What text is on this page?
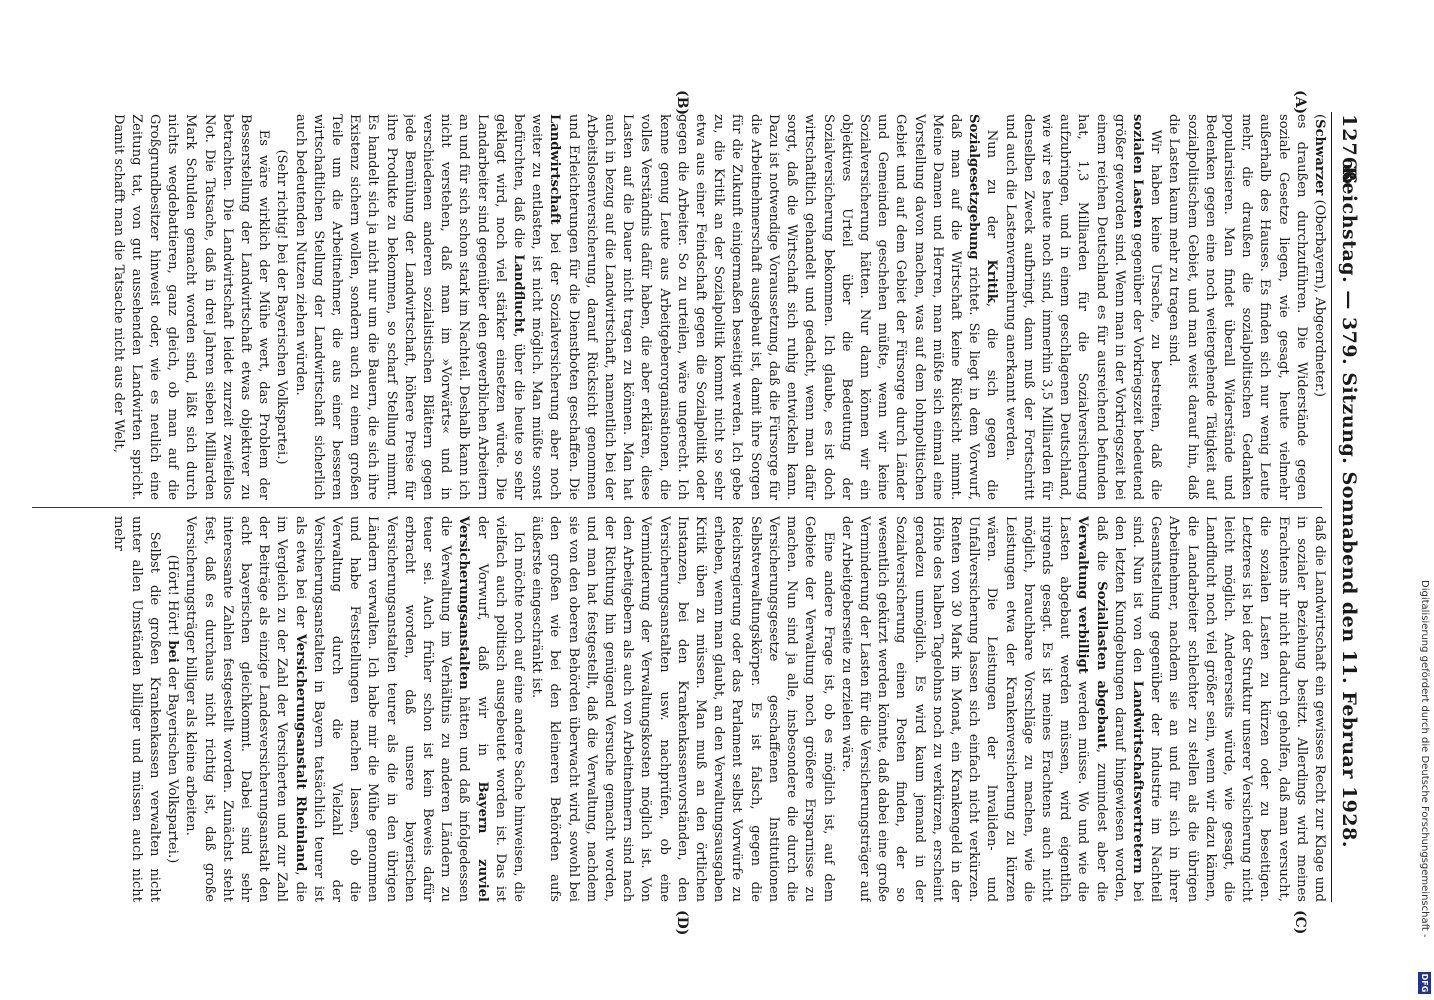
12766
Reichstag. — 379. Sitzung. Sonnabend den 11. Februar 1928.
(A)
(B)
(C)
(D)

(Schwarzer (Oberbayern), Abgeordneter.)

es draußen durchzuführen. Die Widerstände gegen soziale Gesetze liegen, wie gesagt, heute vielmehr außerhalb des Hauses. Es finden sich nur wenig Leute mehr, die draußen die sozialpolitischen Gedanken popularisieren. Man findet überall Widerstände und Bedenken gegen eine noch weitergehende Tätigkeit auf sozialpolitischem Gebiet, und man weist darauf hin, daß die Lasten kaum mehr zu tragen sind.

Wir haben keine Ursache, zu bestreiten, daß die sozialen Lasten gegenüber der Vorkriegszeit bedeutend größer geworden sind. Wenn man in der Vorkriegszeit bei einem reichen Deutschland es für ausreichend befunden hat, 1,3 Milliarden für die Sozialversicherung aufzubringen, und in einem geschlagenen Deutschland, wie wir es heute noch sind, immerhin 3,5 Milliarden für denselben Zweck aufbringt, dann muß der Fortschritt und auch die Lastenvermehrung anerkannt werden.

Nun zu der Kritik, die sich gegen die Sozialgesetzgebung richtet. Sie liegt in dem Vorwurf, daß man auf die Wirtschaft keine Rücksicht nimmt. Meine Damen und Herren, man müßte sich einmal eine Vorstellung davon machen, was auf dem lohnpolitischen Gebiet und auf dem Gebiet der Fürsorge durch Länder und Gemeinden geschehen müßte, wenn wir keine Sozialversicherung hätten. Nur dann können wir ein objektives Urteil über die Bedeutung der Sozialversicherung bekommen. Ich glaube, es ist doch wirtschaftlich gehandelt und gedacht, wenn man dafür sorgt, daß die Wirtschaft sich ruhig entwickeln kann. Dazu ist notwendige Voraussetzung, daß die Fürsorge für die Arbeitnehmerschaft ausgebaut ist, damit ihre Sorgen für die Zukunft einigermaßen beseitigt werden. Ich gebe zu, die Kritik an der Sozialpolitik kommt nicht so sehr etwa aus einer Feindschaft gegen die Sozialpolitik oder gegen die Arbeiter. So zu urteilen, wäre ungerecht. Ich kenne genug Leute aus Arbeitgeberorganisationen, die volles Verständnis dafür haben, die aber erklären, diese Lasten auf die Dauer nicht tragen zu können. Man hat auch in bezug auf die Landwirtschaft, namentlich bei der Arbeitslosenversicherung, darauf Rücksicht genommen und Erleichterungen für die Dienstboten geschaffen. Die Landwirtschaft bei der Sozialversicherung aber noch weiter zu entlasten, ist nicht möglich. Man müßte sonst befürchten, daß die Landflucht, über die heute so sehr geklagt wird, noch viel stärker einsetzen würde. Die Landarbeiter sind gegenüber den gewerblichen Arbeitern an und für sich schon stark im Nachteil. Deshalb kann ich nicht verstehen, daß man im »Vorwärts« und in verschiedenen anderen sozialistischen Blättern gegen jede Bemühung der Landwirtschaft, höhere Preise für ihre Produkte zu bekommen, so scharf Stellung nimmt. Es handelt sich ja nicht nur um die Bauern, die sich ihre Existenz sichern wollen, sondern auch zu einem großen Teile um die Arbeitnehmer, die aus einer besseren wirtschaftlichen Stellung der Landwirtschaft sicherlich auch bedeutenden Nutzen ziehen würden.

(Sehr richtig! bei der Bayerischen Volkspartei.)

Es wäre wirklich der Mühe wert, das Problem der Besserstellung der Landwirtschaft etwas objektiver zu betrachten. Die Landwirtschaft leidet zurzeit zweifellos Not. Die Tatsache, daß in drei Jahren sieben Milliarden Mark Schulden gemacht worden sind, läßt sich durch nichts wegdebattieren, ganz gleich, ob man auf die Großgrundbesitzer hinweist oder, wie es neulich eine Zeitung tat, von gut aussehenden Landwirten spricht. Damit schafft man die Tatsache nicht aus der Welt,

daß die Landwirtschaft ein gewisses Recht zur Klage und in sozialer Beziehung besitzt. Allerdings wird meines Erachtens ihr nicht dadurch geholfen, daß man versucht, die sozialen Lasten zu kürzen oder zu beseitigen. Letzteres ist bei der Struktur unserer Versicherung nicht leicht möglich. Andererseits würde, wie gesagt, die Landflucht noch viel größer sein, wenn wir dazu kämen, die Landarbeiter schlechter zu stellen als die übrigen Arbeitnehmer, nachdem sie an und für sich in ihrer Gesamtstellung gegenüber der Industrie im Nachteil sind. Nun ist von den Landwirtschaftsvertretern bei den letzten Kundgebungen darauf hingewiesen worden, daß die Soziallasten abgebaut, zumindest aber die Verwaltung verbilligt werden müsse. Wo und wie die Lasten abgebaut werden müssen, wird eigentlich nirgends gesagt. Es ist meines Erachtens auch nicht möglich, brauchbare Vorschläge zu machen, wie die Leistungen etwa der Krankenversicherung zu kürzen wären. Die Leistungen der Invaliden- und Unfallversicherung lassen sich einfach nicht verkürzen. Renten von 30 Mark im Monat, ein Krankengeld in der Höhe des halben Tagelohns noch zu verkürzen, erscheint geradezu unmöglich. Es wird kaum jemand in der Sozialversicherung einen Posten finden, der so wesentlich gekürzt werden könnte, daß dabei eine große Verminderung der Lasten für die Versicherungsträger auf der Arbeitgeberseite zu erzielen wäre.

Eine andere Frage ist, ob es möglich ist, auf dem Gebiete der Verwaltung noch größere Ersparnisse zu machen. Nun sind ja alle, insbesondere die durch die Versicherungsgesetze geschaffenen Institutionen Selbstverwaltungskörper. Es ist falsch, gegen die Reichsregierung oder das Parlament selbst Vorwürfe zu erheben, wenn man glaubt, an den Verwaltungsausgaben Kritik üben zu müssen. Man muß an den örtlichen Instanzen, bei den Krankenkassenvorständen, den Versicherungsanstalten usw. nachprüfen, ob eine Verminderung der Verwaltungskosten möglich ist. Von den Arbeitgebern als auch von Arbeitnehmern sind nach der Richtung hin genügend Versuche gemacht worden, und man hat festgestellt, daß die Verwaltung, nachdem sie von den oberen Behörden überwacht wird, sowohl bei den großen wie bei den kleineren Behörden aufs äußerste eingeschränkt ist.

Ich möchte noch auf eine andere Sache hinweisen, die vielfach auch politisch ausgebeutet worden ist. Das ist der Vorwurf, daß wir in Bayern zuviel Versicherungsanstalten hätten und daß infolgedessen die Verwaltung im Verhältnis zu anderen Ländern zu teuer sei. Auch früher schon ist kein Beweis dafür erbracht worden, daß unsere bayerischen Versicherungsanstalten teurer als die in den übrigen Ländern verwalten. Ich habe mir die Mühe genommen und habe Feststellungen machen lassen, ob die Verwaltung durch die Vielzahl der Versicherungsanstalten in Bayern tatsächlich teurer ist als etwa bei der Versicherungsanstalt Rheinland, die im Vergleich zu der Zahl der Versicherten und zur Zahl der Beiträge als einzige Landesversicherungsanstalt den acht bayerischen gleichkommt. Dabei sind sehr interessante Zahlen festgestellt worden. Zunächst steht fest, daß es durchaus nicht richtig ist, daß große Versicherungsträger billiger als kleine arbeiten.

(Hört! Hört! bei der Bayerischen Volkspartei.)

Selbst die großen Krankenkassen verwalten nicht unter allen Umständen billiger und müssen auch nicht mehr

Digitalisierung gefördert durch die Deutsche Forschungsgemeinschaft -
DFG
